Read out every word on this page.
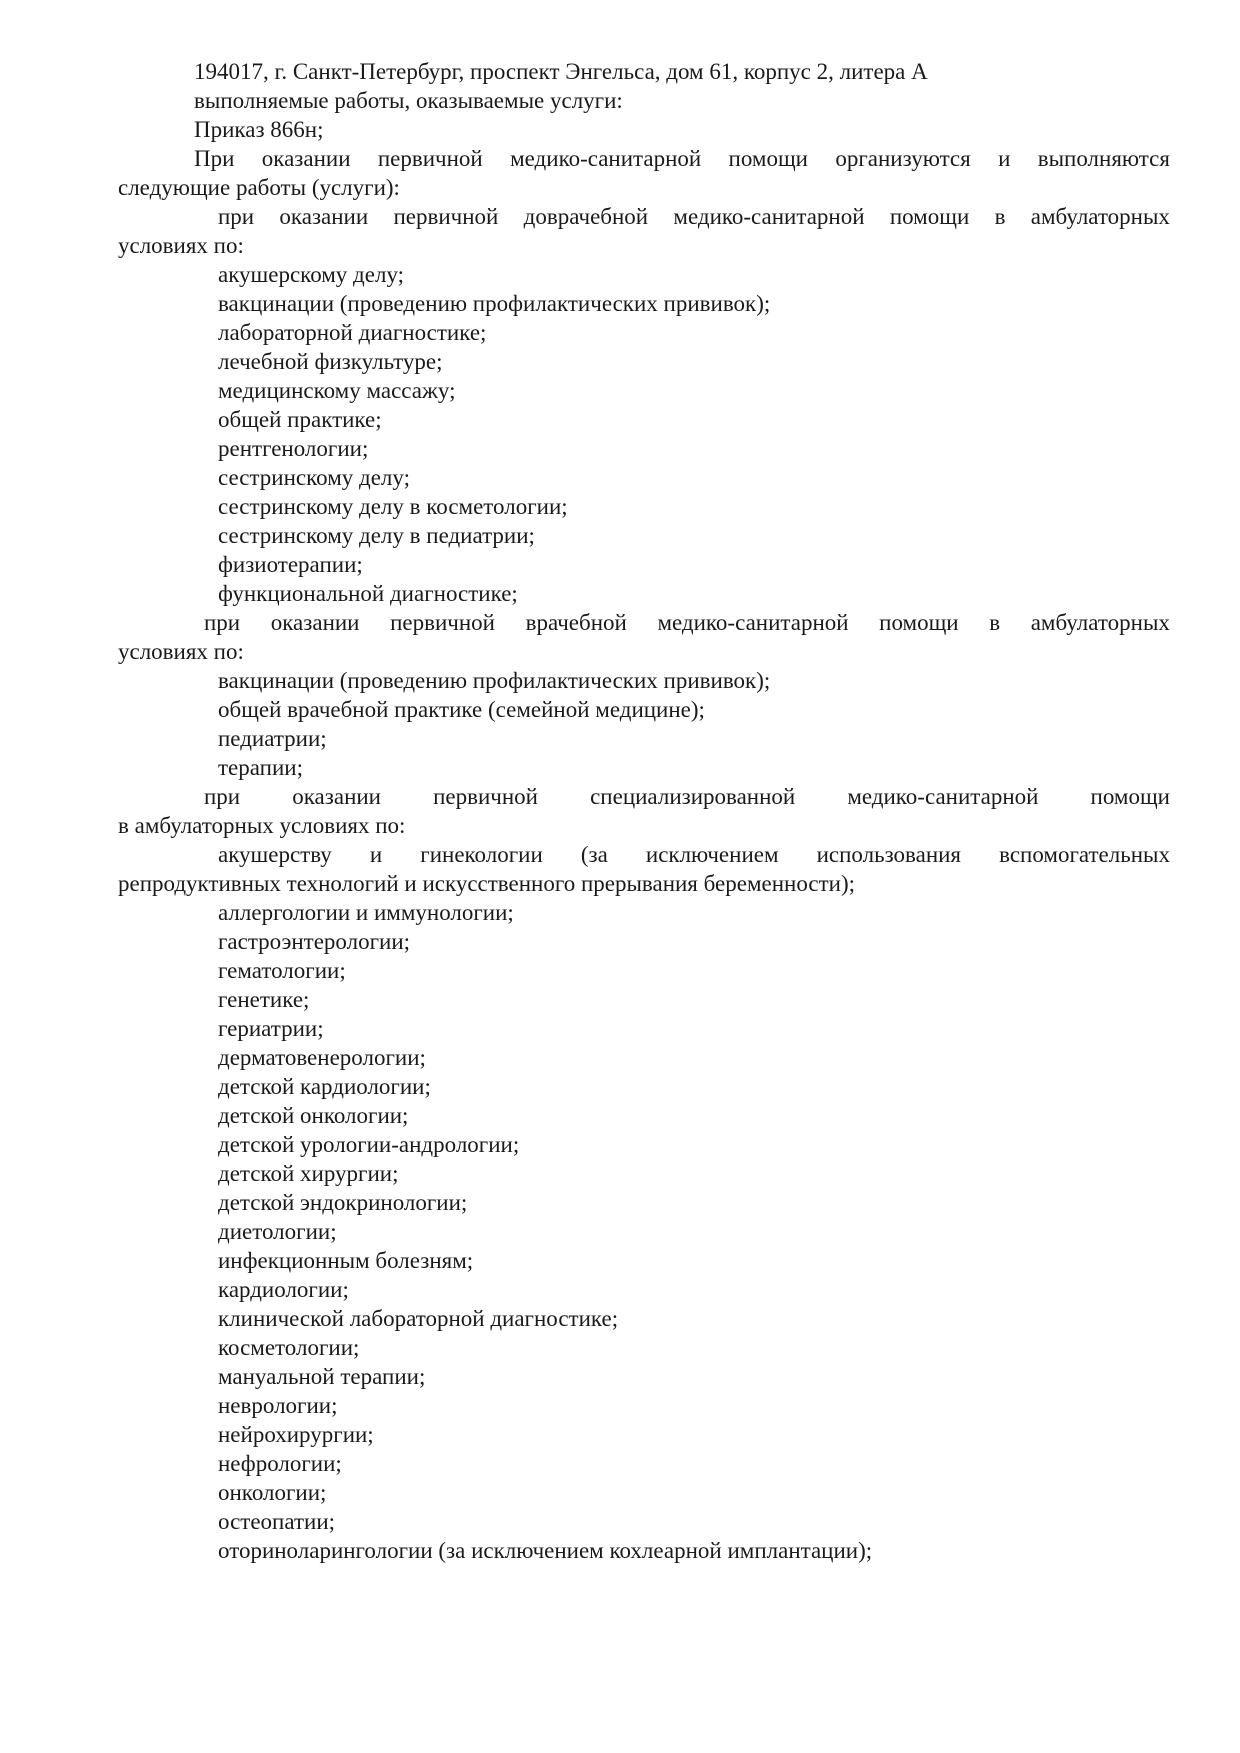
194017, г. Санкт-Петербург, проспект Энгельса, дом 61, корпус 2, литера А
выполняемые работы, оказываемые услуги:
Приказ 866н;
При оказании первичной медико-санитарной помощи организуются и выполняются
следующие работы (услуги):
при оказании первичной доврачебной медико-санитарной помощи в амбулаторных
условиях по:
акушерскому делу;
вакцинации (проведению профилактических прививок);
лабораторной диагностике;
лечебной физкультуре;
медицинскому массажу;
общей практике;
рентгенологии;
сестринскому делу;
сестринскому делу в косметологии;
сестринскому делу в педиатрии;
физиотерапии;
функциональной диагностике;
при оказании первичной врачебной медико-санитарной помощи в амбулаторных
условиях по:
вакцинации (проведению профилактических прививок);
общей врачебной практике (семейной медицине);
педиатрии;
терапии;
при оказании первичной специализированной медико-санитарной помощи
в амбулаторных условиях по:
акушерству и гинекологии (за исключением использования вспомогательных
репродуктивных технологий и искусственного прерывания беременности);
аллергологии и иммунологии;
гастроэнтерологии;
гематологии;
генетике;
гериатрии;
дерматовенерологии;
детской кардиологии;
детской онкологии;
детской урологии-андрологии;
детской хирургии;
детской эндокринологии;
диетологии;
инфекционным болезням;
кардиологии;
клинической лабораторной диагностике;
косметологии;
мануальной терапии;
неврологии;
нейрохирургии;
нефрологии;
онкологии;
остеопатии;
оториноларингологии (за исключением кохлеарной имплантации);
